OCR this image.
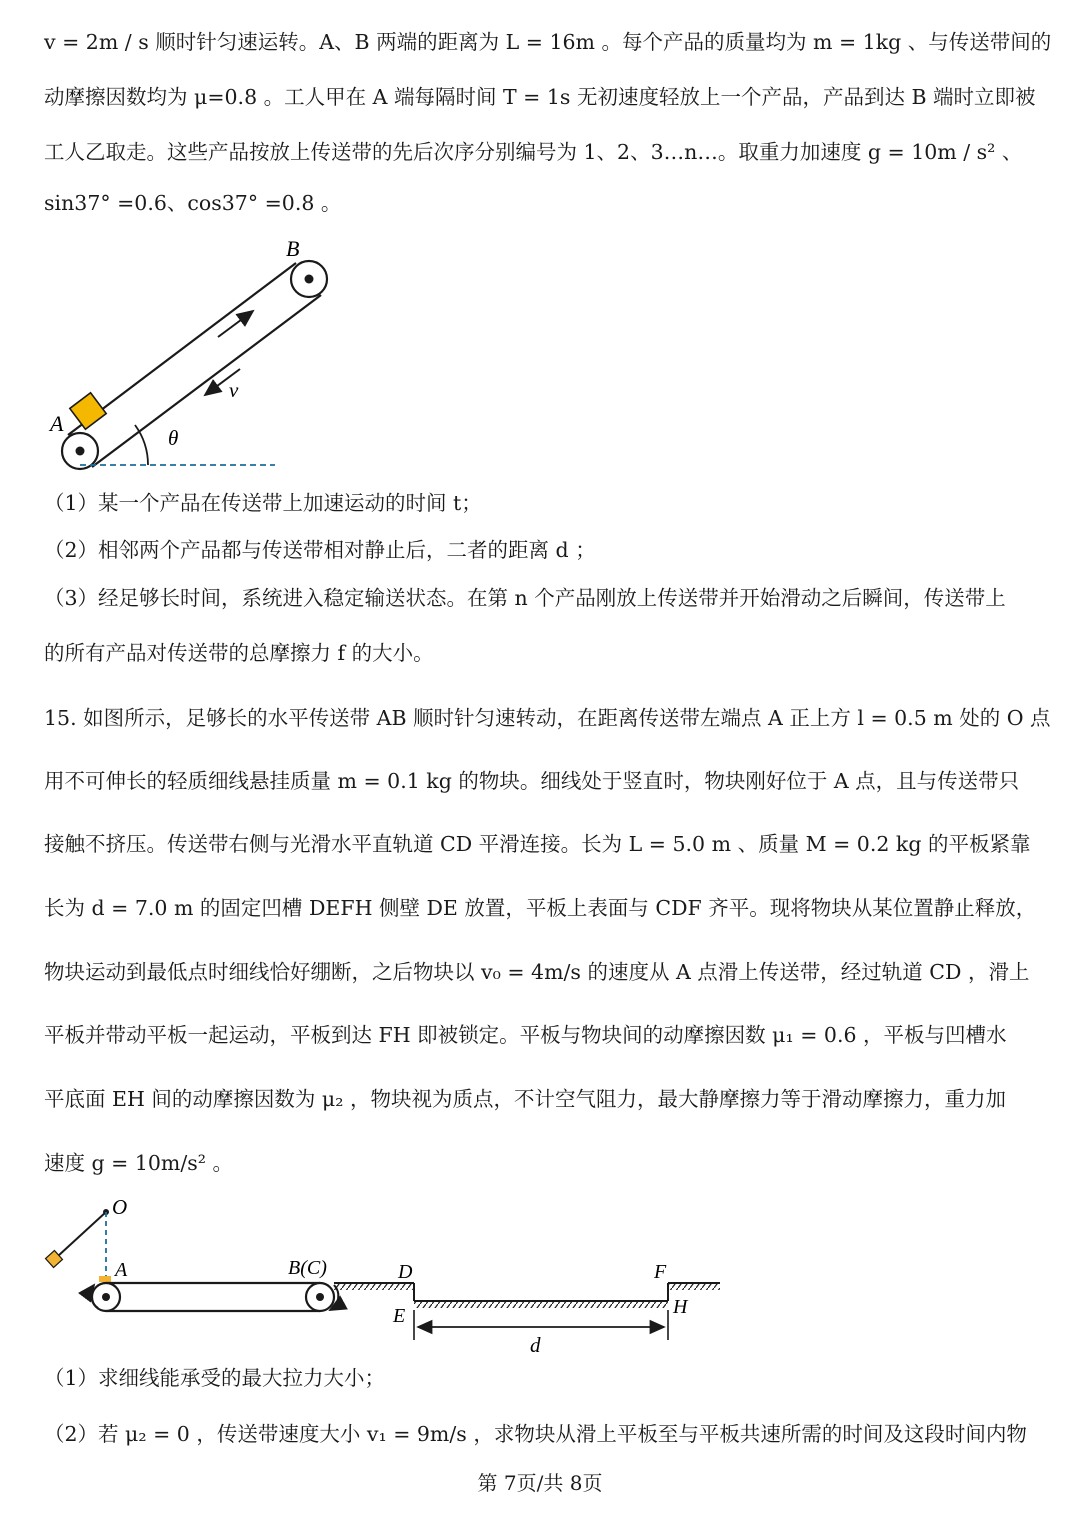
v = 2m / s 顺时针匀速运转。A、B 两端的距离为 L = 16m 。每个产品的质量均为 m = 1kg 、与传送带间的
动摩擦因数均为 μ=0.8 。工人甲在 A 端每隔时间 T = 1s 无初速度轻放上一个产品，产品到达 B 端时立即被
工人乙取走。这些产品按放上传送带的先后次序分别编号为 1、2、3…n…。取重力加速度 g = 10m / s² 、
sin37° =0.6、cos37° =0.8 。
B
A
v
θ
（1）某一个产品在传送带上加速运动的时间 t；
（2）相邻两个产品都与传送带相对静止后，二者的距离 d ；
（3）经足够长时间，系统进入稳定输送状态。在第 n 个产品刚放上传送带并开始滑动之后瞬间，传送带上
的所有产品对传送带的总摩擦力 f 的大小。
15. 如图所示，足够长的水平传送带 AB 顺时针匀速转动，在距离传送带左端点 A 正上方 l = 0.5 m 处的 O 点
用不可伸长的轻质细线悬挂质量 m = 0.1 kg 的物块。细线处于竖直时，物块刚好位于 A 点，且与传送带只
接触不挤压。传送带右侧与光滑水平直轨道 CD 平滑连接。长为 L = 5.0 m 、质量 M = 0.2 kg 的平板紧靠
长为 d = 7.0 m 的固定凹槽 DEFH 侧壁 DE 放置，平板上表面与 CDF 齐平。现将物块从某位置静止释放，
物块运动到最低点时细线恰好绷断，之后物块以 v₀ = 4m/s 的速度从 A 点滑上传送带，经过轨道 CD ，滑上
平板并带动平板一起运动，平板到达 FH 即被锁定。平板与物块间的动摩擦因数 μ₁ = 0.6 ，平板与凹槽水
平底面 EH 间的动摩擦因数为 μ₂ ，物块视为质点，不计空气阻力，最大静摩擦力等于滑动摩擦力，重力加
速度 g = 10m/s² 。
O
A	B(C)	D
E
F
H
d
（1）求细线能承受的最大拉力大小；
（2）若 μ₂ = 0 ，传送带速度大小 v₁ = 9m/s ，求物块从滑上平板至与平板共速所需的时间及这段时间内物
第 7页/共 8页
